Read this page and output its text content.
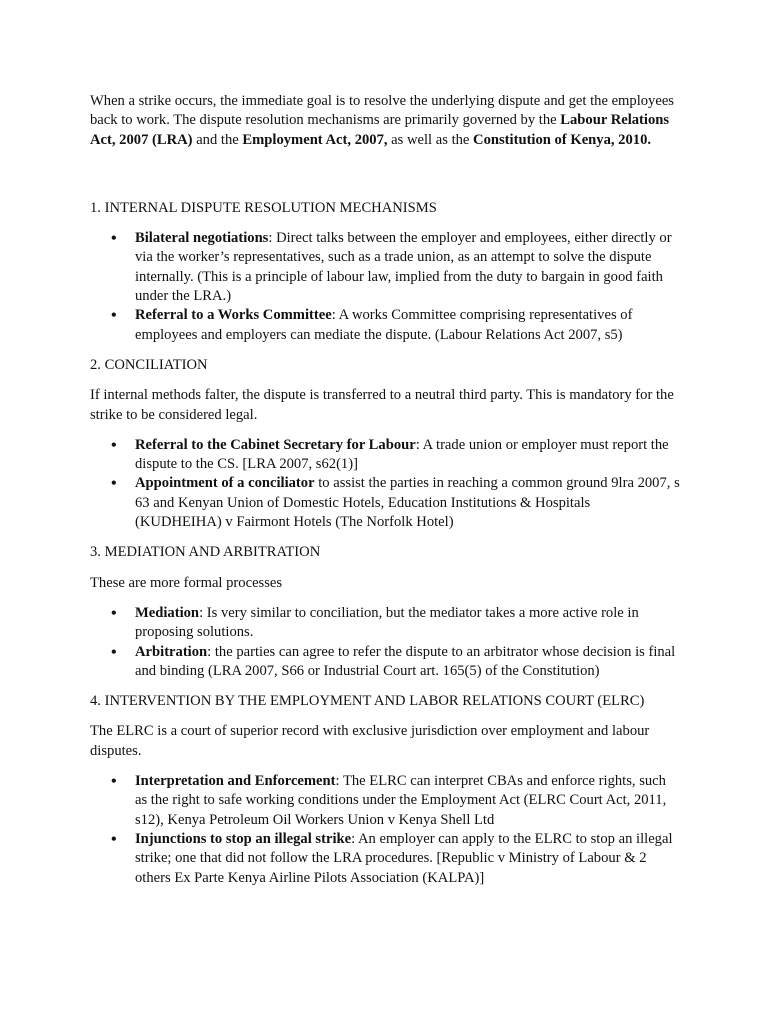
When a strike occurs, the immediate goal is to resolve the underlying dispute and get the employees back to work. The dispute resolution mechanisms are primarily governed by the Labour Relations Act, 2007 (LRA) and the Employment Act, 2007, as well as the Constitution of Kenya, 2010.

1. INTERNAL DISPUTE RESOLUTION MECHANISMS

• Bilateral negotiations: Direct talks between the employer and employees, either directly or via the worker’s representatives, such as a trade union, as an attempt to solve the dispute internally. (This is a principle of labour law, implied from the duty to bargain in good faith under the LRA.)
• Referral to a Works Committee: A works Committee comprising representatives of employees and employers can mediate the dispute. (Labour Relations Act 2007, s5)

2. CONCILIATION

If internal methods falter, the dispute is transferred to a neutral third party. This is mandatory for the strike to be considered legal.

• Referral to the Cabinet Secretary for Labour: A trade union or employer must report the dispute to the CS. [LRA 2007, s62(1)]
• Appointment of a conciliator to assist the parties in reaching a common ground 9lra 2007, s 63 and Kenyan Union of Domestic Hotels, Education Institutions & Hospitals (KUDHEIHA) v Fairmont Hotels (The Norfolk Hotel)

3. MEDIATION AND ARBITRATION

These are more formal processes

• Mediation: Is very similar to conciliation, but the mediator takes a more active role in proposing solutions.
• Arbitration: the parties can agree to refer the dispute to an arbitrator whose decision is final and binding (LRA 2007, S66 or Industrial Court art. 165(5) of the Constitution)

4. INTERVENTION BY THE EMPLOYMENT AND LABOR RELATIONS COURT (ELRC)

The ELRC is a court of superior record with exclusive jurisdiction over employment and labour disputes.

• Interpretation and Enforcement: The ELRC can interpret CBAs and enforce rights, such as the right to safe working conditions under the Employment Act (ELRC Court Act, 2011, s12), Kenya Petroleum Oil Workers Union v Kenya Shell Ltd
• Injunctions to stop an illegal strike: An employer can apply to the ELRC to stop an illegal strike; one that did not follow the LRA procedures. [Republic v Ministry of Labour & 2 others Ex Parte Kenya Airline Pilots Association (KALPA)]
